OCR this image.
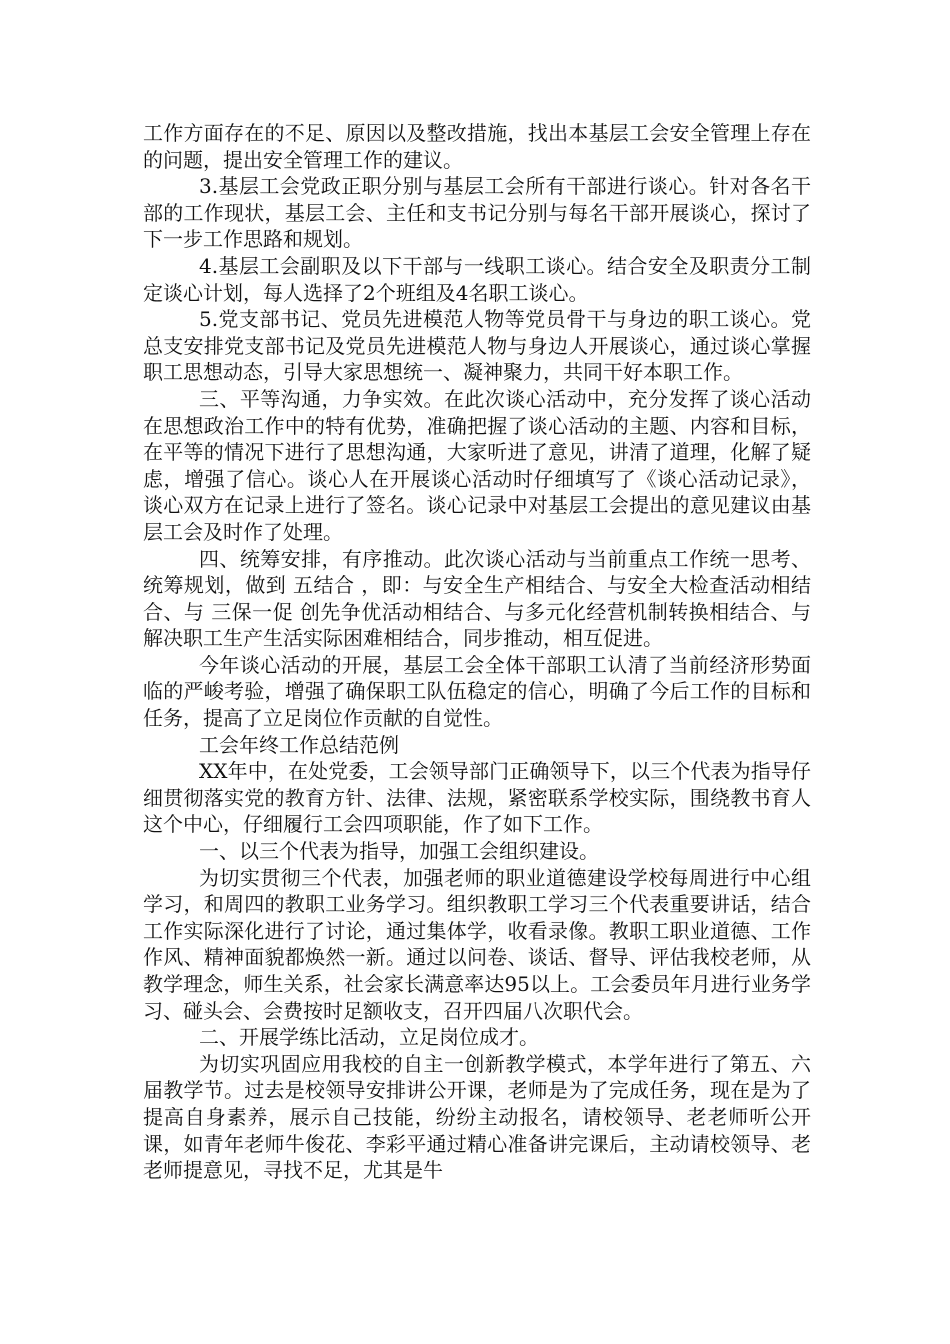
工作方面存在的不足、原因以及整改措施，找出本基层工会安全管理上存在的问题，提出安全管理工作的建议。

3.基层工会党政正职分别与基层工会所有干部进行谈心。针对各名干部的工作现状，基层工会、主任和支书记分别与每名干部开展谈心，探讨了下一步工作思路和规划。

4.基层工会副职及以下干部与一线职工谈心。结合安全及职责分工制定谈心计划，每人选择了2个班组及4名职工谈心。

5.党支部书记、党员先进模范人物等党员骨干与身边的职工谈心。党总支安排党支部书记及党员先进模范人物与身边人开展谈心，通过谈心掌握职工思想动态，引导大家思想统一、凝神聚力，共同干好本职工作。

三、平等沟通，力争实效。在此次谈心活动中，充分发挥了谈心活动在思想政治工作中的特有优势，准确把握了谈心活动的主题、内容和目标，在平等的情况下进行了思想沟通，大家听进了意见，讲清了道理，化解了疑虑，增强了信心。谈心人在开展谈心活动时仔细填写了《谈心活动记录》，谈心双方在记录上进行了签名。谈心记录中对基层工会提出的意见建议由基层工会及时作了处理。

四、统筹安排，有序推动。此次谈心活动与当前重点工作统一思考、统筹规划，做到 五结合 ，即：与安全生产相结合、与安全大检查活动相结合、与 三保一促 创先争优活动相结合、与多元化经营机制转换相结合、与解决职工生产生活实际困难相结合，同步推动，相互促进。

今年谈心活动的开展，基层工会全体干部职工认清了当前经济形势面临的严峻考验，增强了确保职工队伍稳定的信心，明确了今后工作的目标和任务，提高了立足岗位作贡献的自觉性。

工会年终工作总结范例

XX年中，在处党委，工会领导部门正确领导下，以三个代表为指导仔细贯彻落实党的教育方针、法律、法规，紧密联系学校实际，围绕教书育人这个中心，仔细履行工会四项职能，作了如下工作。

一、以三个代表为指导，加强工会组织建设。

为切实贯彻三个代表，加强老师的职业道德建设学校每周进行中心组学习，和周四的教职工业务学习。组织教职工学习三个代表重要讲话，结合工作实际深化进行了讨论，通过集体学，收看录像。教职工职业道德、工作作风、精神面貌都焕然一新。通过以问卷、谈话、督导、评估我校老师，从教学理念，师生关系，社会家长满意率达95以上。工会委员年月进行业务学习、碰头会、会费按时足额收支，召开四届八次职代会。

二、开展学练比活动，立足岗位成才。

为切实巩固应用我校的自主一创新教学模式，本学年进行了第五、六届教学节。过去是校领导安排讲公开课，老师是为了完成任务，现在是为了提高自身素养，展示自己技能，纷纷主动报名，请校领导、老老师听公开课，如青年老师牛俊花、李彩平通过精心准备讲完课后，主动请校领导、老老师提意见，寻找不足，尤其是牛
